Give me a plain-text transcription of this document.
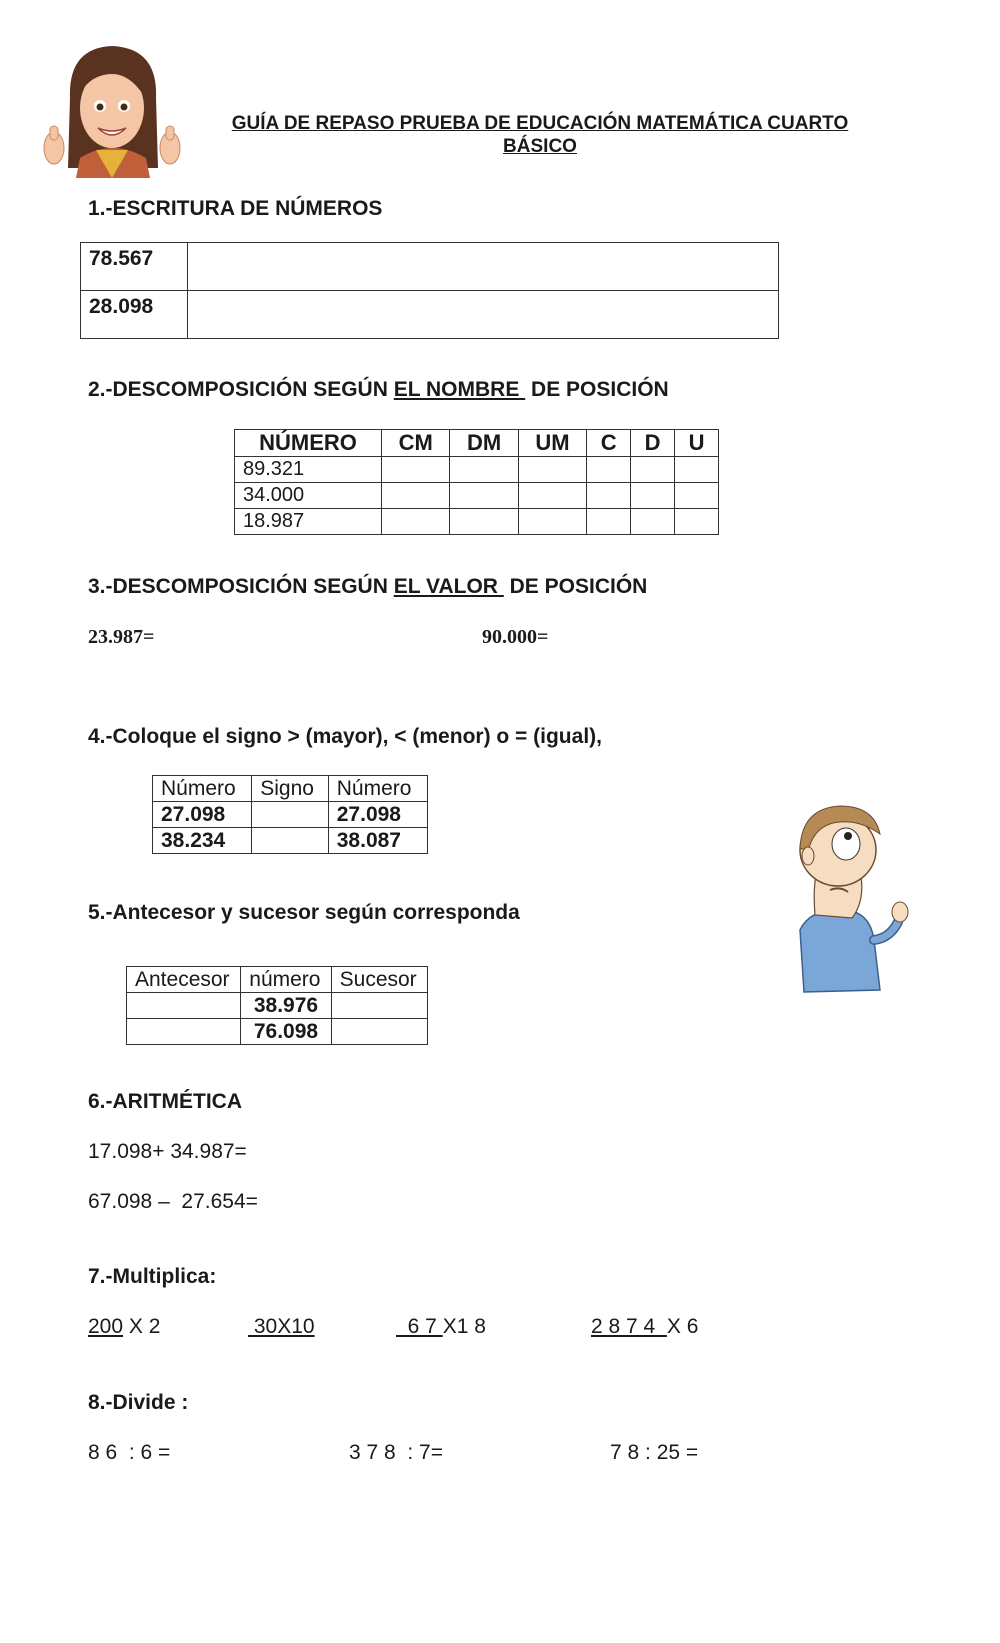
GUÍA DE REPASO PRUEBA DE EDUCACIÓN MATEMÁTICA CUARTO
BÁSICO
1.-ESCRITURA DE NÚMEROS
78.567	
28.098	
2.-DESCOMPOSICIÓN SEGÚN EL NOMBRE  DE POSICIÓN
NÚMERO	CM	DM	UM	C	D	U
89.321						
34.000						
18.987						
3.-DESCOMPOSICIÓN SEGÚN EL VALOR  DE POSICIÓN
23.987=	90.000=
4.-Coloque el signo > (mayor), < (menor) o = (igual),
Número	Signo	Número
27.098		27.098
38.234		38.087
5.-Antecesor y sucesor según corresponda
Antecesor	número	Sucesor
	38.976	
	76.098	
6.-ARITMÉTICA
17.098+ 34.987=
67.098 –  27.654=
7.-Multiplica:
200 X 2	30X10	6 7 X1 8	2 8 7 4  X 6
8.-Divide :
8 6  : 6 =	3 7 8  : 7=	7 8 : 25 =
